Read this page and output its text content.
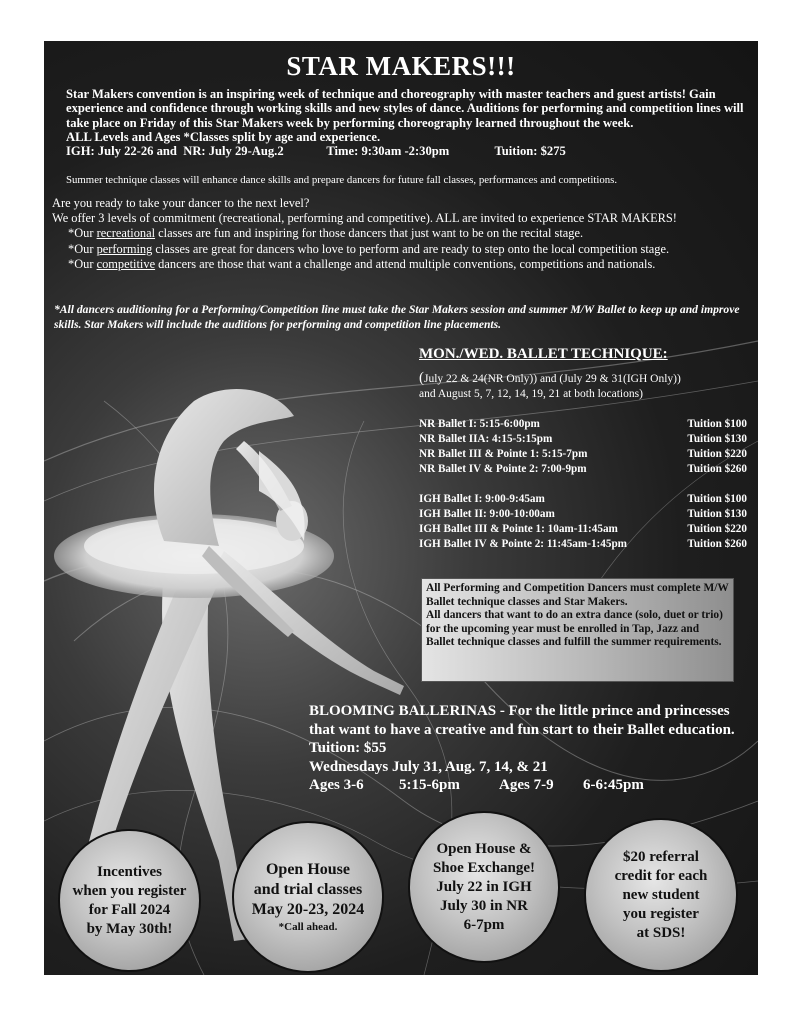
STAR MAKERS!!!

Star Makers convention is an inspiring week of technique and choreography with master teachers and guest artists! Gain experience and confidence through working skills and new styles of dance. Auditions for performing and competition lines will take place on Friday of this Star Makers week by performing choreography learned throughout the week.

ALL Levels and Ages *Classes split by age and experience.

IGH: July 22-26 and NR: July 29-Aug.2	Time: 9:30am -2:30pm	Tuition: $275

Summer technique classes will enhance dance skills and prepare dancers for future fall classes, performances and competitions.

Are you ready to take your dancer to the next level?

We offer 3 levels of commitment (recreational, performing and competitive). ALL are invited to experience STAR MAKERS!

*Our recreational classes are fun and inspiring for those dancers that just want to be on the recital stage.

*Our performing classes are great for dancers who love to perform and are ready to step onto the local competition stage.

*Our competitive dancers are those that want a challenge and attend multiple conventions, competitions and nationals.

*All dancers auditioning for a Performing/Competition line must take the Star Makers session and summer M/W Ballet to keep up and improve skills. Star Makers will include the auditions for performing and competition line placements.
MON./WED. BALLET TECHNIQUE:
(July 22 & 24(NR Only)) and (July 29 & 31(IGH Only))
and August 5, 7, 12, 14, 19, 21 at both locations)
NR Ballet I: 5:15-6:00pm	Tuition $100
NR Ballet IIA: 4:15-5:15pm	Tuition $130
NR Ballet III & Pointe 1: 5:15-7pm	Tuition $220
NR Ballet IV & Pointe 2: 7:00-9pm	Tuition $260
IGH Ballet I: 9:00-9:45am	Tuition $100
IGH Ballet II: 9:00-10:00am	Tuition $130
IGH Ballet III & Pointe 1: 10am-11:45am	Tuition $220
IGH Ballet IV & Pointe 2: 11:45am-1:45pm	Tuition $260

All Performing and Competition Dancers must complete M/W Ballet technique classes and Star Makers.

All dancers that want to do an extra dance (solo, duet or trio) for the upcoming year must be enrolled in Tap, Jazz and Ballet technique classes and fulfill the summer requirements.

BLOOMING BALLERINAS - For the little prince and princesses that want to have a creative and fun start to their Ballet education. Tuition: $55

Wednesdays July 31, Aug. 7, 14, & 21

Ages 3-6 5:15-6pm	Ages 7-9 6-6:45pm

Incentives
when you register
for Fall 2024
by May 30th!
Open House
and trial classes
May 20-23, 2024
*Call ahead.
Open House &
Shoe Exchange!
July 22 in IGH
July 30 in NR
6-7pm
$20 referral
credit for each
new student
you register
at SDS!
